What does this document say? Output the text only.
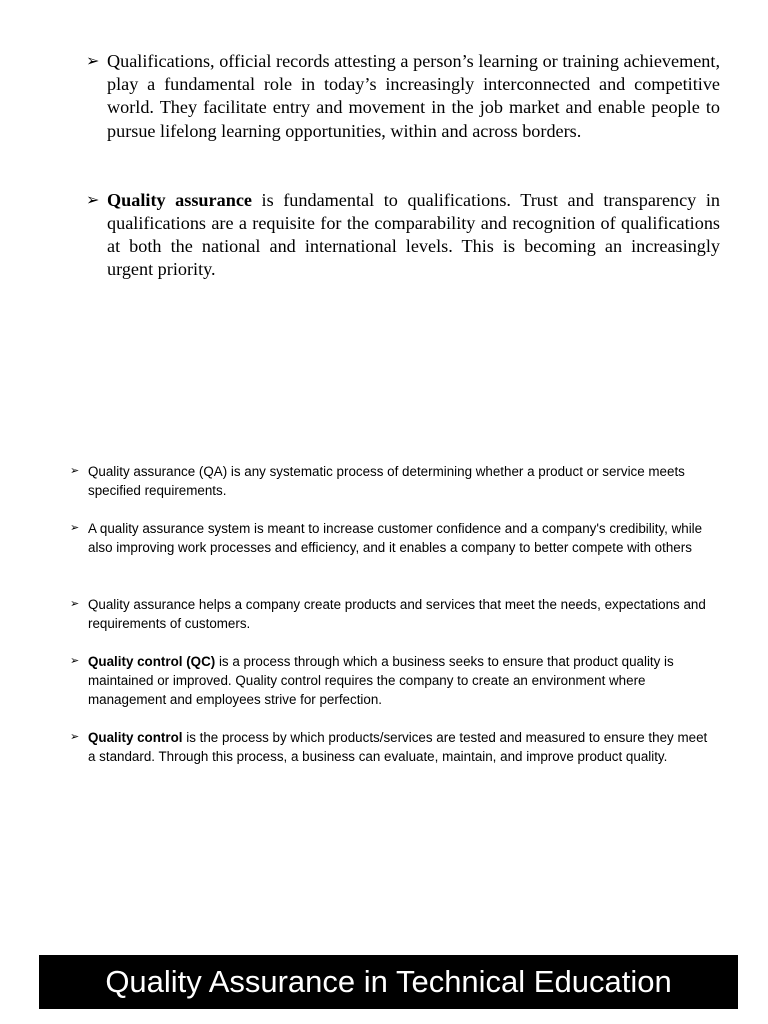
➢ Qualifications, official records attesting a person’s learning or training achievement, play a fundamental role in today’s increasingly interconnected and competitive world. They facilitate entry and movement in the job market and enable people to pursue lifelong learning opportunities, within and across borders.
➢ Quality assurance is fundamental to qualifications. Trust and transparency in qualifications are a requisite for the comparability and recognition of qualifications at both the national and international levels. This is becoming an increasingly urgent priority.
➢ Quality assurance (QA) is any systematic process of determining whether a product or service meets specified requirements.
➢ A quality assurance system is meant to increase customer confidence and a company's credibility, while also improving work processes and efficiency, and it enables a company to better compete with others
➢ Quality assurance helps a company create products and services that meet the needs, expectations and requirements of customers.
➢ Quality control (QC) is a process through which a business seeks to ensure that product quality is maintained or improved. Quality control requires the company to create an environment where management and employees strive for perfection.
➢ Quality control is the process by which products/services are tested and measured to ensure they meet a standard. Through this process, a business can evaluate, maintain, and improve product quality.
Quality Assurance in Technical Education
